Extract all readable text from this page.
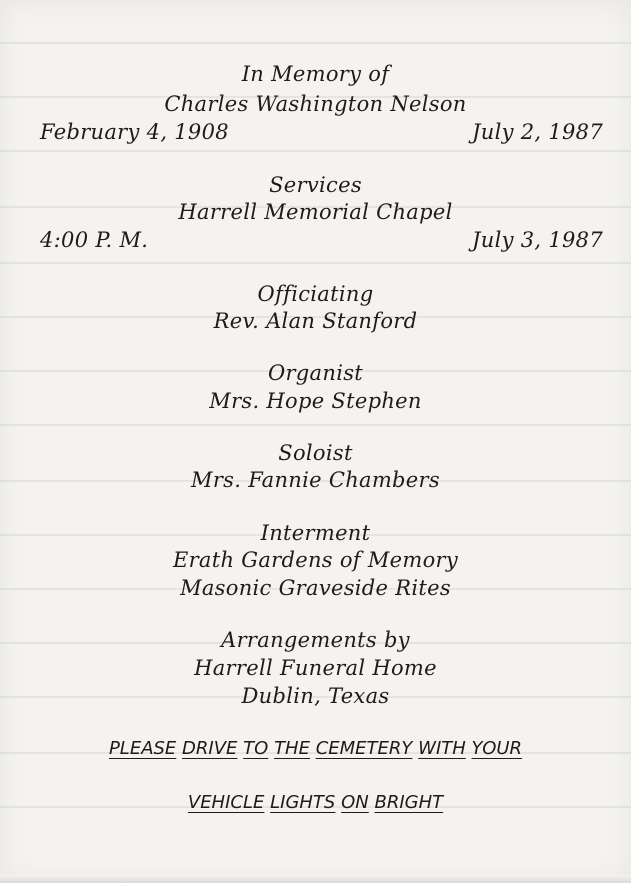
In Memory of
Charles Washington Nelson
February 4, 1908	July 2, 1987
Services
Harrell Memorial Chapel
4:00 P. M.	July 3, 1987
Officiating
Rev. Alan Stanford
Organist
Mrs. Hope Stephen
Soloist
Mrs. Fannie Chambers
Interment
Erath Gardens of Memory
Masonic Graveside Rites
Arrangements by
Harrell Funeral Home
Dublin, Texas
PLEASE DRIVE TO THE CEMETERY WITH YOUR
VEHICLE LIGHTS ON BRIGHT
